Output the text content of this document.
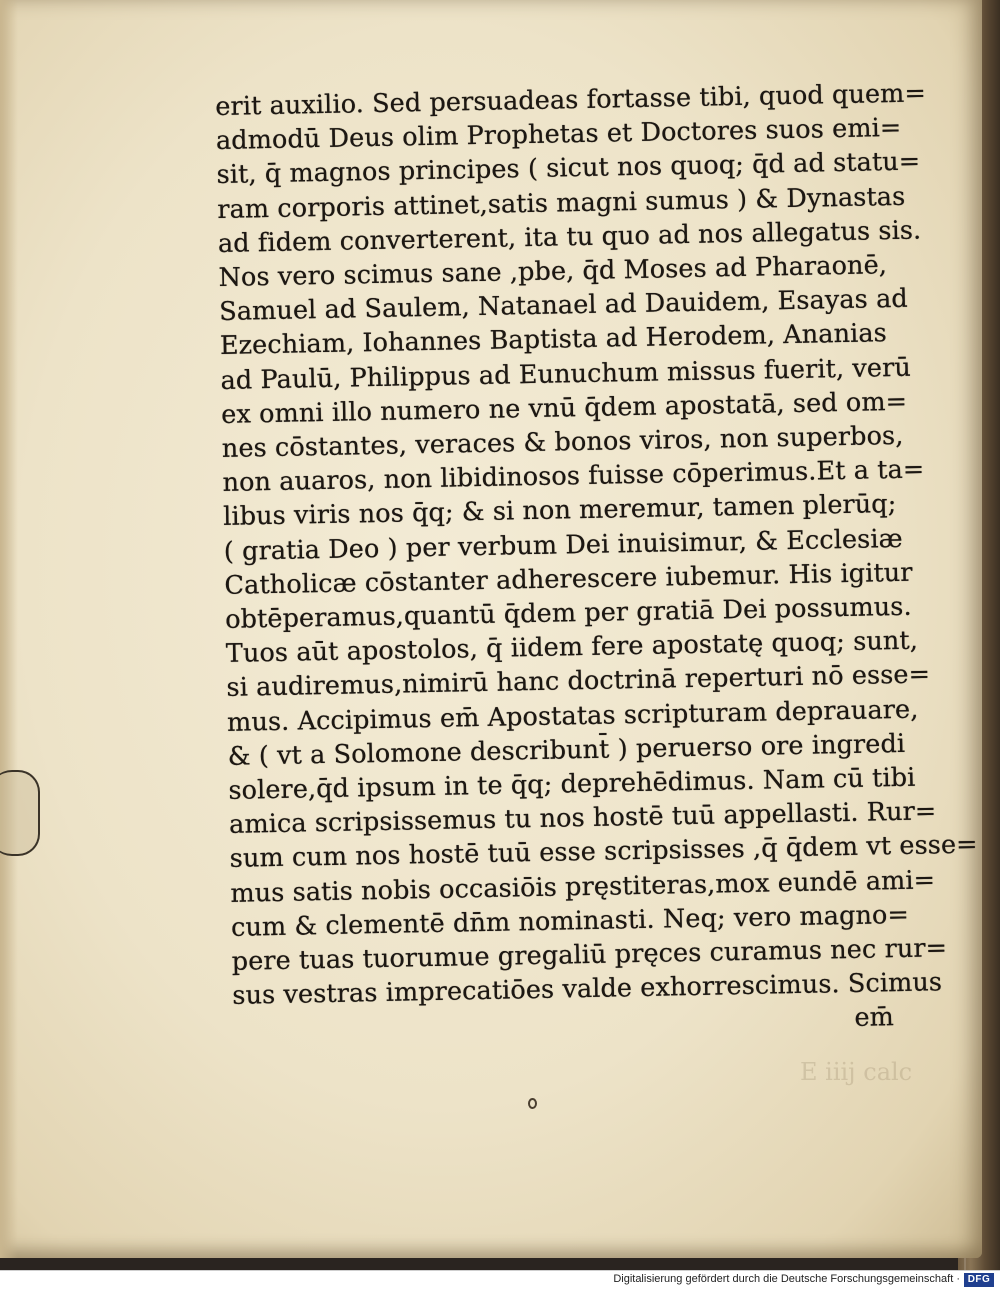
erit auxilio. Sed persuadeas fortasse tibi, quod quem=
admodū Deus olim Prophetas et Doctores suos emi=
sit, q̄ magnos principes ( sicut nos quoq; q̄d ad statu=
ram corporis attinet,satis magni sumus ) & Dynastas
ad fidem converterent, ita tu quo ad nos allegatus sis.
Nos vero scimus sane ,pbe, q̄d Moses ad Pharaonē,
Samuel ad Saulem, Natanael ad Dauidem, Esayas ad
Ezechiam, Iohannes Baptista ad Herodem, Ananias
ad Paulū, Philippus ad Eunuchum missus fuerit, verū
ex omni illo numero ne vnū q̄dem apostatā, sed om=
nes cōstantes, veraces & bonos viros, non superbos,
non auaros, non libidinosos fuisse cōperimus.Et a ta=
libus viris nos q̄q; & si non meremur, tamen plerūq;
( gratia Deo ) per verbum Dei inuisimur, & Ecclesiæ
Catholicæ cōstanter adherescere iubemur. His igitur
obtēperamus,quantū q̄dem per gratiā Dei possumus.
Tuos aūt apostolos, q̄ iidem fere apostatę quoq; sunt,
si audiremus,nimirū hanc doctrinā reperturi nō esse=
mus. Accipimus em̄ Apostatas scripturam deprauare,
& ( vt a Solomone describunt̄ ) peruerso ore ingredi
solere,q̄d ipsum in te q̄q; deprehēdimus. Nam cū tibi
amica scripsissemus tu nos hostē tuū appellasti. Rur=
sum cum nos hostē tuū esse scripsisses ,q̄ q̄dem vt esse=
mus satis nobis occasiōis pręstiteras,mox eundē ami=
cum & clementē dn̄m nominasti. Neq; vero magno=
pere tuas tuorumue gregaliū pręces curamus nec rur=
sus vestras imprecatiōes valde exhorrescimus. Scimus
em̄
E iiij calc
Digitalisierung gefördert durch die Deutsche Forschungsgemeinschaft · DFG
